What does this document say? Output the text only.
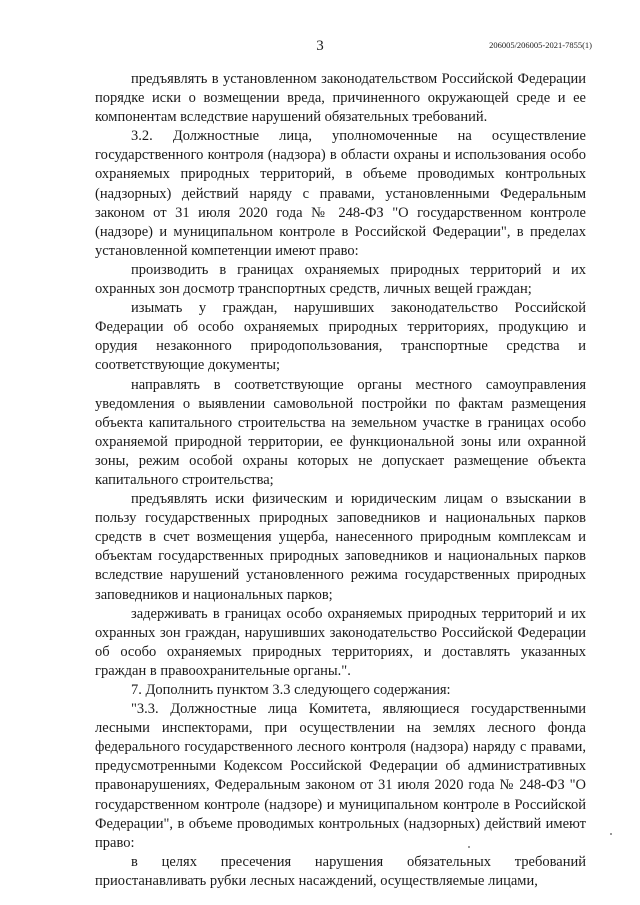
3	206005/206005-2021-7855(1)

предъявлять в установленном законодательством Российской Федерации порядке иски о возмещении вреда, причиненного окружающей среде и ее компонентам вследствие нарушений обязательных требований.

3.2. Должностные лица, уполномоченные на осуществление государственного контроля (надзора) в области охраны и использования особо охраняемых природных территорий, в объеме проводимых контрольных (надзорных) действий наряду с правами, установленными Федеральным законом от 31 июля 2020 года № 248-ФЗ "О государственном контроле (надзоре) и муниципальном контроле в Российской Федерации", в пределах установленной компетенции имеют право:

производить в границах охраняемых природных территорий и их охранных зон досмотр транспортных средств, личных вещей граждан;

изымать у граждан, нарушивших законодательство Российской Федерации об особо охраняемых природных территориях, продукцию и орудия незаконного природопользования, транспортные средства и соответствующие документы;

направлять в соответствующие органы местного самоуправления уведомления о выявлении самовольной постройки по фактам размещения объекта капитального строительства на земельном участке в границах особо охраняемой природной территории, ее функциональной зоны или охранной зоны, режим особой охраны которых не допускает размещение объекта капитального строительства;

предъявлять иски физическим и юридическим лицам о взыскании в пользу государственных природных заповедников и национальных парков средств в счет возмещения ущерба, нанесенного природным комплексам и объектам государственных природных заповедников и национальных парков вследствие нарушений установленного режима государственных природных заповедников и национальных парков;

задерживать в границах особо охраняемых природных территорий и их охранных зон граждан, нарушивших законодательство Российской Федерации об особо охраняемых природных территориях, и доставлять указанных граждан в правоохранительные органы.".

7. Дополнить пунктом 3.3 следующего содержания:

"3.3. Должностные лица Комитета, являющиеся государственными лесными инспекторами, при осуществлении на землях лесного фонда федерального государственного лесного контроля (надзора) наряду с правами, предусмотренными Кодексом Российской Федерации об административных правонарушениях, Федеральным законом от 31 июля 2020 года № 248-ФЗ "О государственном контроле (надзоре) и муниципальном контроле в Российской Федерации", в объеме проводимых контрольных (надзорных) действий имеют право:

в целях пресечения нарушения обязательных требований приостанавливать рубки лесных насаждений, осуществляемые лицами,
